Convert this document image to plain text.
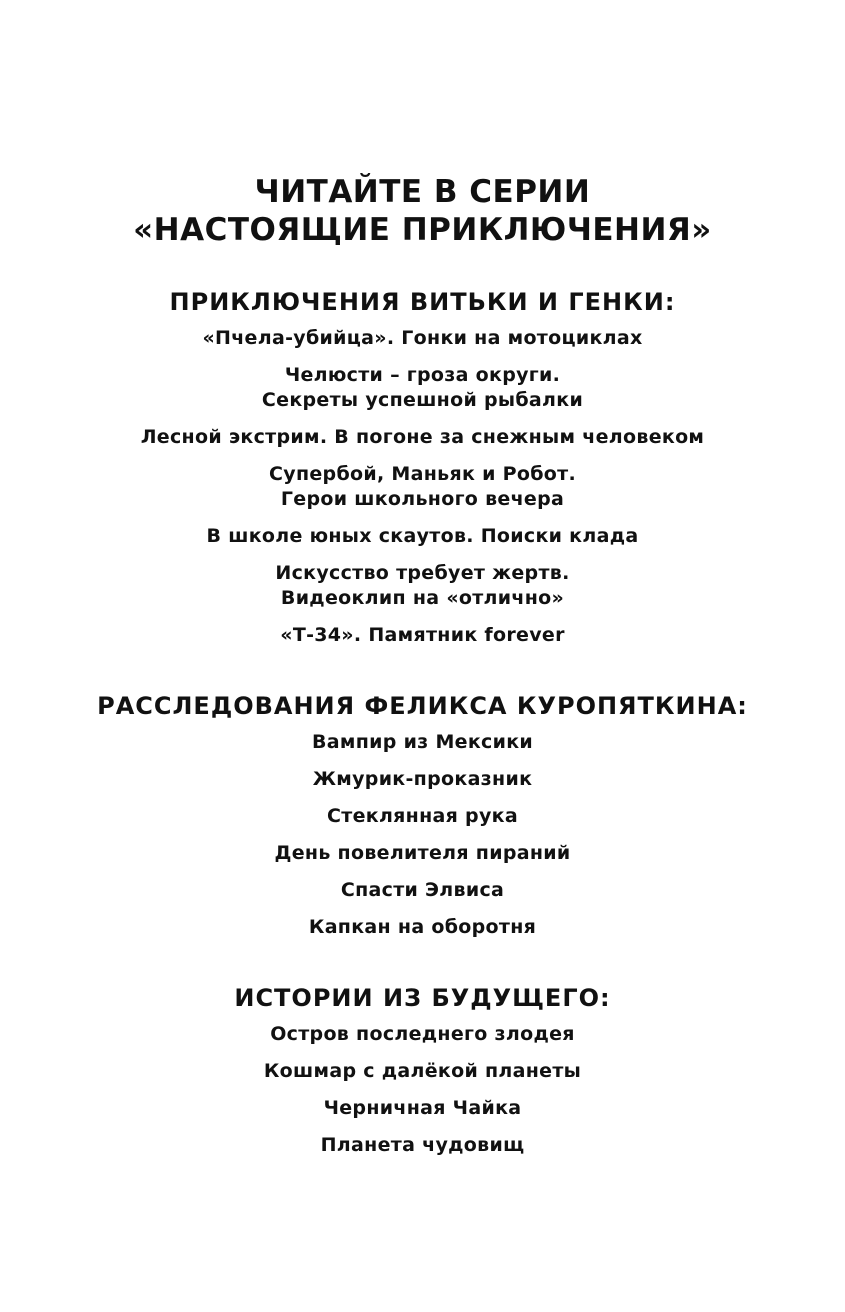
ЧИТАЙТЕ В СЕРИИ
«НАСТОЯЩИЕ ПРИКЛЮЧЕНИЯ»
ПРИКЛЮЧЕНИЯ ВИТЬКИ И ГЕНКИ:

«Пчела-убийца». Гонки на мотоциклах

Челюсти – гроза округи.
Секреты успешной рыбалки

Лесной экстрим. В погоне за снежным человеком

Супербой, Маньяк и Робот.
Герои школьного вечера

В школе юных скаутов. Поиски клада

Искусство требует жертв.
Видеоклип на «отлично»

«Т-34». Памятник forever

РАССЛЕДОВАНИЯ ФЕЛИКСА КУРОПЯТКИНА:

Вампир из Мексики

Жмурик-проказник

Стеклянная рука

День повелителя пираний

Спасти Элвиса

Капкан на оборотня

ИСТОРИИ ИЗ БУДУЩЕГО:

Остров последнего злодея

Кошмар с далёкой планеты

Черничная Чайка

Планета чудовищ
